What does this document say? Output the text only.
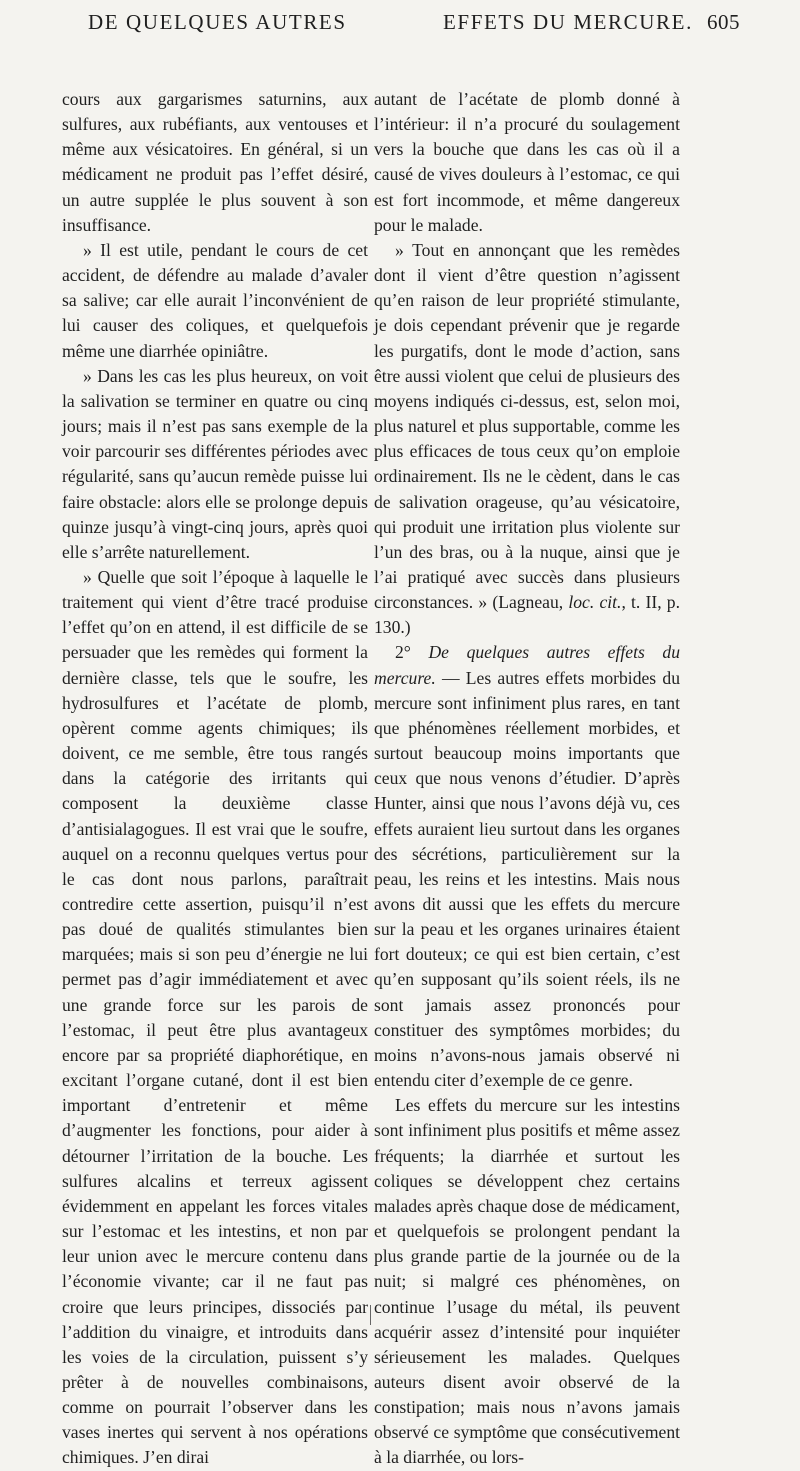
DE QUELQUES AUTRES	EFFETS DU MERCURE. 605

cours aux gargarismes saturnins, aux sulfures, aux rubéfiants, aux ventouses et même aux vésicatoires. En général, si un médicament ne produit pas l’effet désiré, un autre supplée le plus souvent à son insuffisance.

» Il est utile, pendant le cours de cet accident, de défendre au malade d’avaler sa salive; car elle aurait l’inconvénient de lui causer des coliques, et quelquefois même une diarrhée opiniâtre.

» Dans les cas les plus heureux, on voit la salivation se terminer en quatre ou cinq jours; mais il n’est pas sans exemple de la voir parcourir ses différentes périodes avec régularité, sans qu’aucun remède puisse lui faire obstacle: alors elle se prolonge depuis quinze jusqu’à vingt-cinq jours, après quoi elle s’arrête naturellement.

» Quelle que soit l’époque à laquelle le traitement qui vient d’être tracé produise l’effet qu’on en attend, il est difficile de se persuader que les remèdes qui forment la dernière classe, tels que le soufre, les hydrosulfures et l’acétate de plomb, opèrent comme agents chimiques; ils doivent, ce me semble, être tous rangés dans la catégorie des irritants qui composent la deuxième classe d’antisialagogues. Il est vrai que le soufre, auquel on a reconnu quelques vertus pour le cas dont nous parlons, paraîtrait contredire cette assertion, puisqu’il n’est pas doué de qualités stimulantes bien marquées; mais si son peu d’énergie ne lui permet pas d’agir immédiatement et avec une grande force sur les parois de l’estomac, il peut être plus avantageux encore par sa propriété diaphorétique, en excitant l’organe cutané, dont il est bien important d’entretenir et même d’augmenter les fonctions, pour aider à détourner l’irritation de la bouche. Les sulfures alcalins et terreux agissent évidemment en appelant les forces vitales sur l’estomac et les intestins, et non par leur union avec le mercure contenu dans l’économie vivante; car il ne faut pas croire que leurs principes, dissociés par l’addition du vinaigre, et introduits dans les voies de la circulation, puissent s’y prêter à de nouvelles combinaisons, comme on pourrait l’observer dans les vases inertes qui servent à nos opérations chimiques. J’en dirai

autant de l’acétate de plomb donné à l’intérieur: il n’a procuré du soulagement vers la bouche que dans les cas où il a causé de vives douleurs à l’estomac, ce qui est fort incommode, et même dangereux pour le malade.

» Tout en annonçant que les remèdes dont il vient d’être question n’agissent qu’en raison de leur propriété stimulante, je dois cependant prévenir que je regarde les purgatifs, dont le mode d’action, sans être aussi violent que celui de plusieurs des moyens indiqués ci-dessus, est, selon moi, plus naturel et plus supportable, comme les plus efficaces de tous ceux qu’on emploie ordinairement. Ils ne le cèdent, dans le cas de salivation orageuse, qu’au vésicatoire, qui produit une irritation plus violente sur l’un des bras, ou à la nuque, ainsi que je l’ai pratiqué avec succès dans plusieurs circonstances. » (Lagneau, loc. cit., t. II, p. 130.)

2° De quelques autres effets du mercure. — Les autres effets morbides du mercure sont infiniment plus rares, en tant que phénomènes réellement morbides, et surtout beaucoup moins importants que ceux que nous venons d’étudier. D’après Hunter, ainsi que nous l’avons déjà vu, ces effets auraient lieu surtout dans les organes des sécrétions, particulièrement sur la peau, les reins et les intestins. Mais nous avons dit aussi que les effets du mercure sur la peau et les organes urinaires étaient fort douteux; ce qui est bien certain, c’est qu’en supposant qu’ils soient réels, ils ne sont jamais assez prononcés pour constituer des symptômes morbides; du moins n’avons-nous jamais observé ni entendu citer d’exemple de ce genre.

Les effets du mercure sur les intestins sont infiniment plus positifs et même assez fréquents; la diarrhée et surtout les coliques se développent chez certains malades après chaque dose de médicament, et quelquefois se prolongent pendant la plus grande partie de la journée ou de la nuit; si malgré ces phénomènes, on continue l’usage du métal, ils peuvent acquérir assez d’intensité pour inquiéter sérieusement les malades. Quelques auteurs disent avoir observé de la constipation; mais nous n’avons jamais observé ce symptôme que consécutivement à la diarrhée, ou lors-
